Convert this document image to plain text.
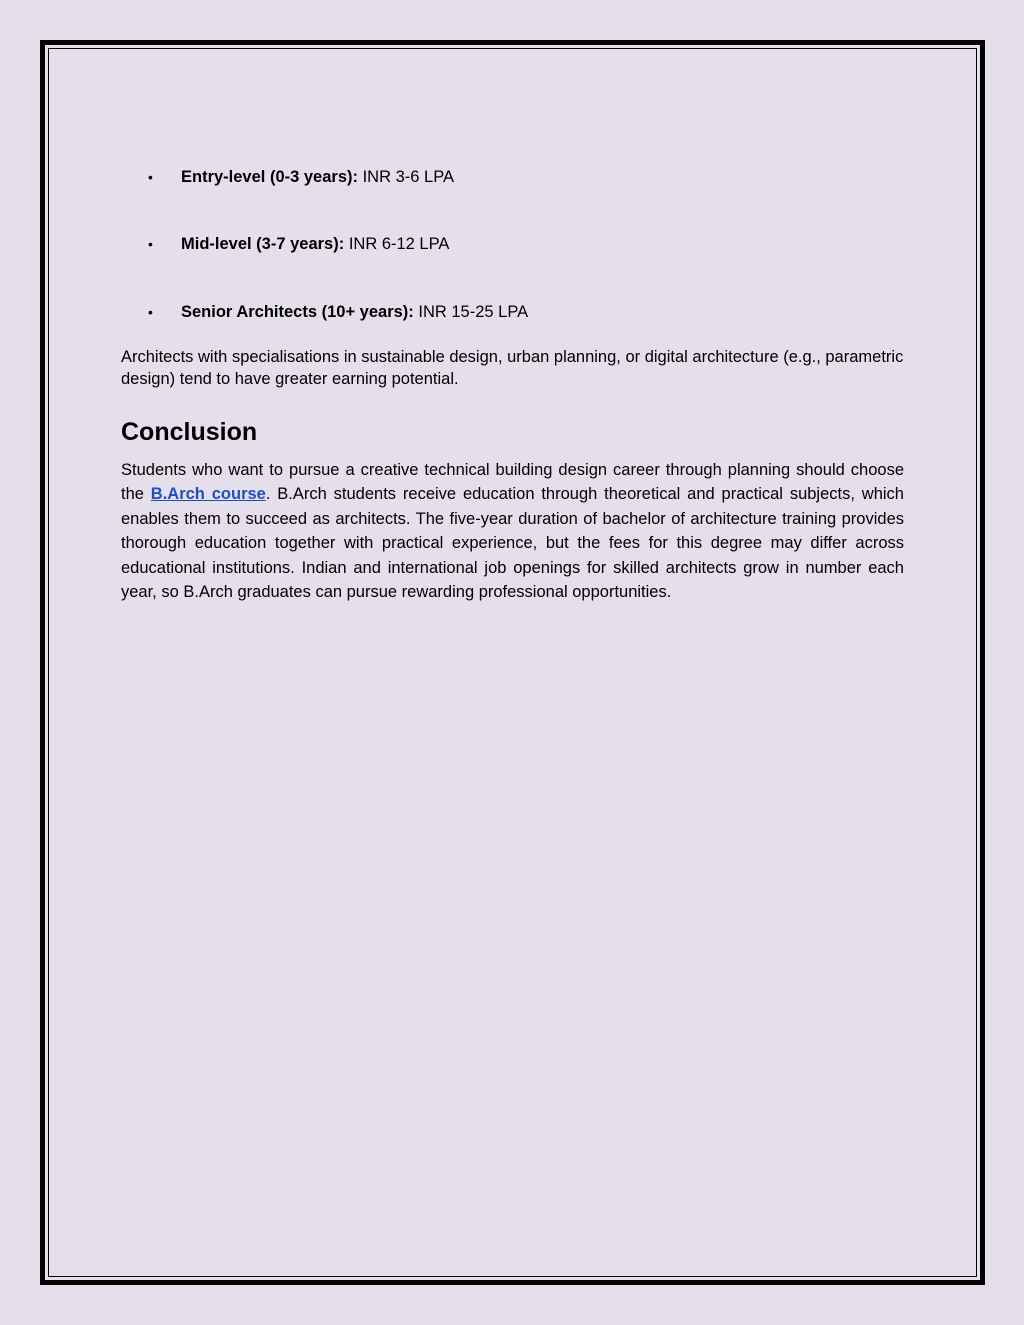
• Entry-level (0-3 years): INR 3-6 LPA
• Mid-level (3-7 years): INR 6-12 LPA
• Senior Architects (10+ years): INR 15-25 LPA

Architects with specialisations in sustainable design, urban planning, or digital architecture (e.g., parametric design) tend to have greater earning potential.

Conclusion

Students who want to pursue a creative technical building design career through planning should choose the B.Arch course. B.Arch students receive education through theoretical and practical subjects, which enables them to succeed as architects. The five-year duration of bachelor of architecture training provides thorough education together with practical experience, but the fees for this degree may differ across educational institutions. Indian and international job openings for skilled architects grow in number each year, so B.Arch graduates can pursue rewarding professional opportunities.
